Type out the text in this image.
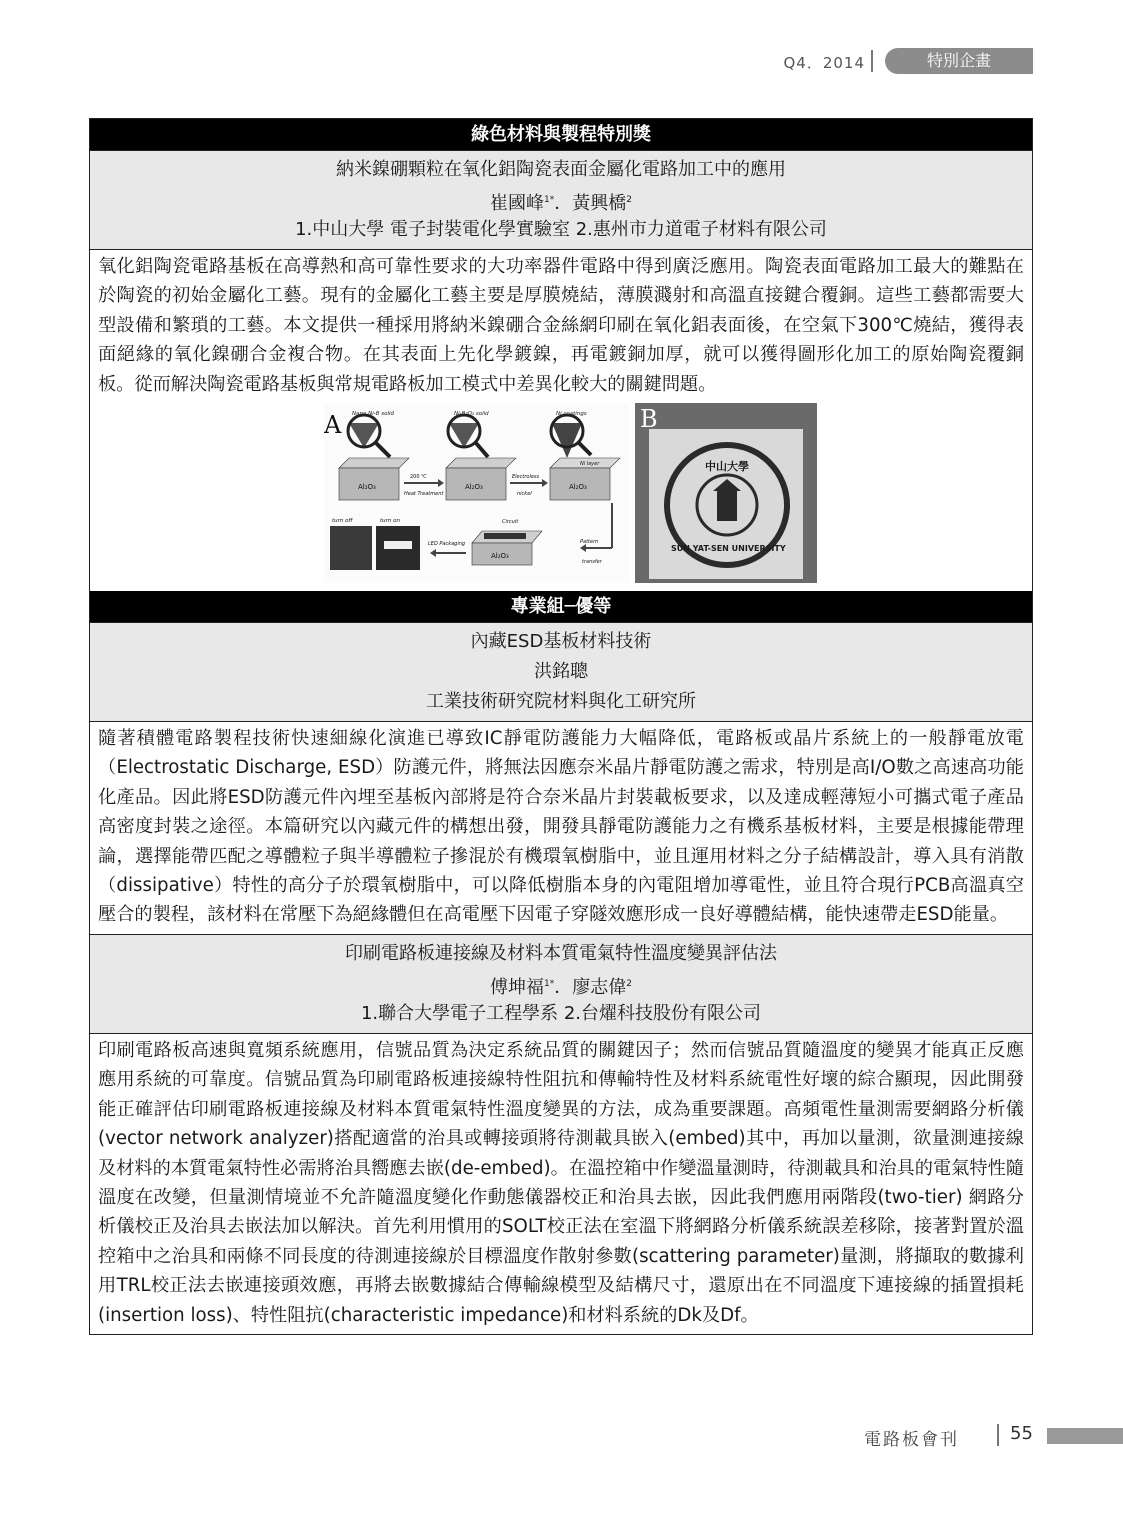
Q4．2014	特別企畫
綠色材料與製程特別獎
納米鎳硼顆粒在氧化鋁陶瓷表面金屬化電路加工中的應用
崔國峰$^{1*}$．黃興橋$^2$
1.中山大學 電子封裝電化學實驗室 2.惠州市力道電子材料有限公司
氧化鋁陶瓷電路基板在高導熱和高可靠性要求的大功率器件電路中得到廣泛應用。陶瓷表面電路加工最大的難點在於陶瓷的初始金屬化工藝。現有的金屬化工藝主要是厚膜燒結，薄膜濺射和高溫直接鍵合覆銅。這些工藝都需要大型設備和繁瑣的工藝。本文提供一種採用將納米鎳硼合金絲網印刷在氧化鋁表面後，在空氣下300℃燒結，獲得表面絕緣的氧化鎳硼合金複合物。在其表面上先化學鍍鎳，再電鍍銅加厚，就可以獲得圖形化加工的原始陶瓷覆銅板。從而解決陶瓷電路基板與常規電路板加工模式中差異化較大的關鍵問題。
A Nano Ni-B solid
Al₂O₃
200 ℃
Heat Treatment
Ni-B₂O₃ solid
Al₂O₃
Electroless
nickel
Ni coatings
Ni layer
Al₂O₃
Pattern
transfer
Circuit
Al₂O₃
LED Packaging
turn off	turn on
B
中山大學
SUN YAT-SEN UNIVERSITY
專業組─優等
內藏ESD基板材料技術
洪銘聰
工業技術研究院材料與化工研究所
隨著積體電路製程技術快速細線化演進已導致IC靜電防護能力大幅降低，電路板或晶片系統上的一般靜電放電（Electrostatic Discharge, ESD）防護元件，將無法因應奈米晶片靜電防護之需求，特別是高I/O數之高速高功能化產品。因此將ESD防護元件內埋至基板內部將是符合奈米晶片封裝載板要求，以及達成輕薄短小可攜式電子產品高密度封裝之途徑。本篇研究以內藏元件的構想出發，開發具靜電防護能力之有機系基板材料，主要是根據能帶理論，選擇能帶匹配之導體粒子與半導體粒子摻混於有機環氧樹脂中，並且運用材料之分子結構設計，導入具有消散（dissipative）特性的高分子於環氧樹脂中，可以降低樹脂本身的內電阻增加導電性，並且符合現行PCB高溫真空壓合的製程，該材料在常壓下為絕緣體但在高電壓下因電子穿隧效應形成一良好導體結構，能快速帶走ESD能量。
印刷電路板連接線及材料本質電氣特性溫度變異評估法
傅坤福$^{1*}$．廖志偉$^2$
1.聯合大學電子工程學系 2.台燿科技股份有限公司
印刷電路板高速與寬頻系統應用，信號品質為決定系統品質的關鍵因子；然而信號品質隨溫度的變異才能真正反應應用系統的可靠度。信號品質為印刷電路板連接線特性阻抗和傳輸特性及材料系統電性好壞的綜合顯現，因此開發能正確評估印刷電路板連接線及材料本質電氣特性溫度變異的方法，成為重要課題。高頻電性量測需要網路分析儀(vector network analyzer)搭配適當的治具或轉接頭將待測載具嵌入(embed)其中，再加以量測，欲量測連接線及材料的本質電氣特性必需將治具嚮應去嵌(de-embed)。在溫控箱中作變溫量測時，待測載具和治具的電氣特性隨溫度在改變，但量測情境並不允許隨溫度變化作動態儀器校正和治具去嵌，因此我們應用兩階段(two-tier) 網路分析儀校正及治具去嵌法加以解決。首先利用慣用的SOLT校正法在室溫下將網路分析儀系統誤差移除，接著對置於溫控箱中之治具和兩條不同長度的待測連接線於目標溫度作散射參數(scattering parameter)量測，將擷取的數據利用TRL校正法去嵌連接頭效應，再將去嵌數據結合傳輸線模型及結構尺寸，還原出在不同溫度下連接線的插置損耗(insertion loss)、特性阻抗(characteristic impedance)和材料系統的Dk及Df。
電路板會刊	55
